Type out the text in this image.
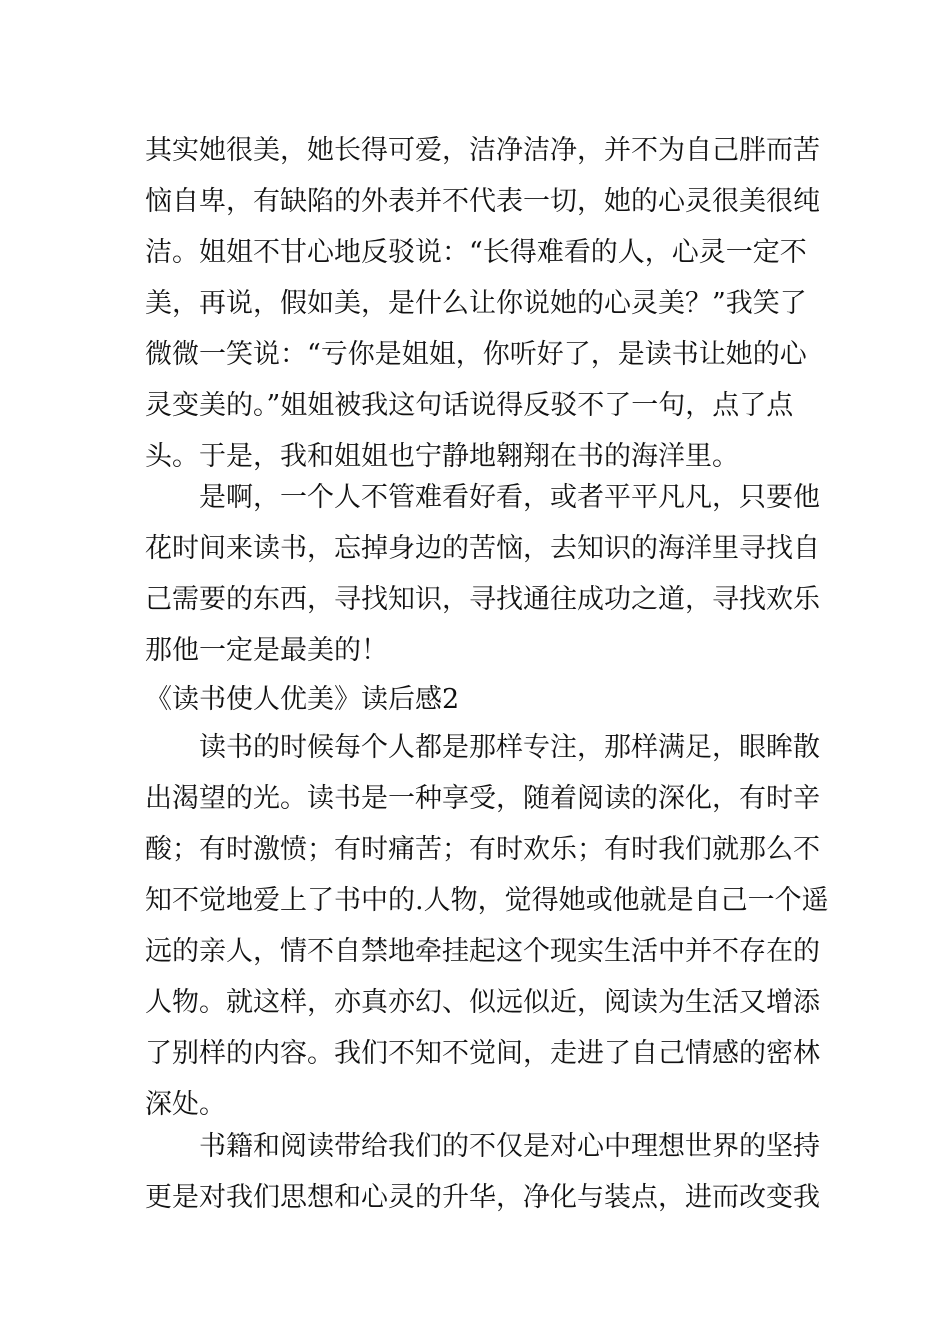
其实她很美，她长得可爱，洁净洁净，并不为自己胖而苦
恼自卑，有缺陷的外表并不代表一切，她的心灵很美很纯
洁。姐姐不甘心地反驳说：“长得难看的人，心灵一定不
美，再说，假如美，是什么让你说她的心灵美？”我笑了
微微一笑说：“亏你是姐姐，你听好了，是读书让她的心
灵变美的。”姐姐被我这句话说得反驳不了一句，点了点
头。于是，我和姐姐也宁静地翱翔在书的海洋里。
是啊，一个人不管难看好看，或者平平凡凡，只要他
花时间来读书，忘掉身边的苦恼，去知识的海洋里寻找自
己需要的东西，寻找知识，寻找通往成功之道，寻找欢乐
那他一定是最美的！
《读书使人优美》读后感2
读书的时候每个人都是那样专注，那样满足，眼眸散
出渴望的光。读书是一种享受，随着阅读的深化，有时辛
酸；有时激愤；有时痛苦；有时欢乐；有时我们就那么不
知不觉地爱上了书中的.人物，觉得她或他就是自己一个遥
远的亲人，情不自禁地牵挂起这个现实生活中并不存在的
人物。就这样，亦真亦幻、似远似近，阅读为生活又增添
了别样的内容。我们不知不觉间，走进了自己情感的密林
深处。
书籍和阅读带给我们的不仅是对心中理想世界的坚持
更是对我们思想和心灵的升华，净化与装点，进而改变我
